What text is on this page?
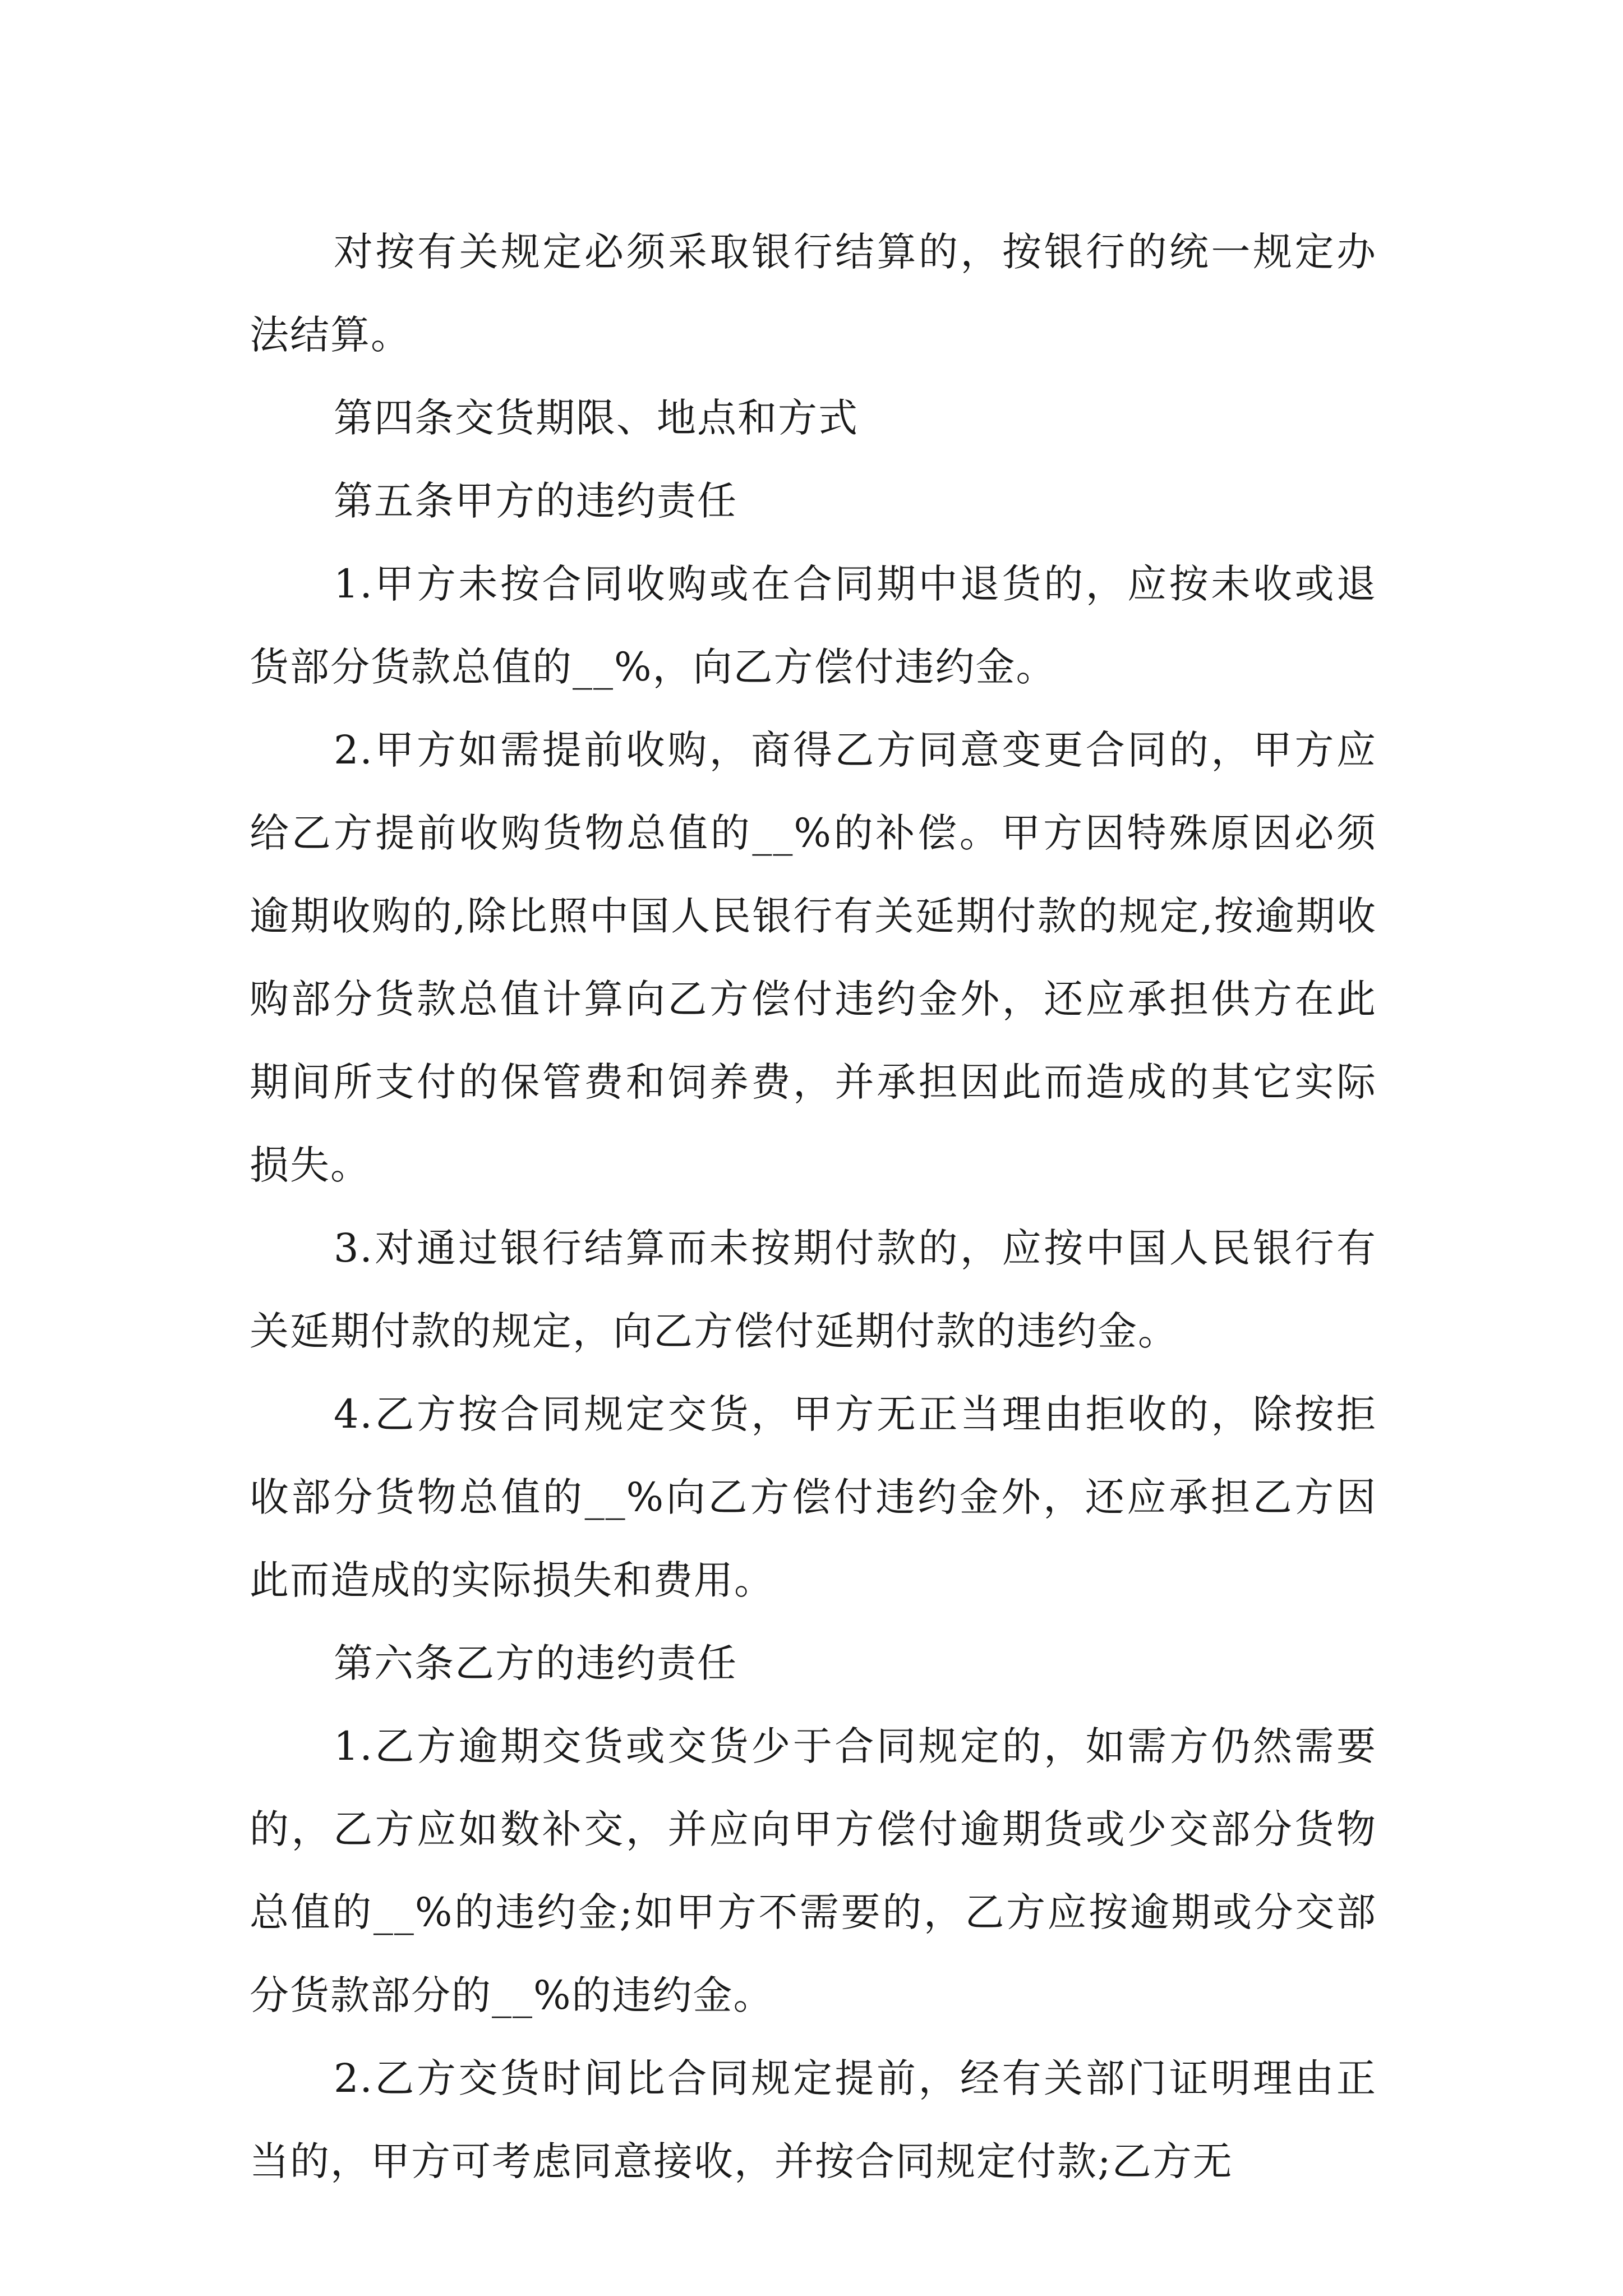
对按有关规定必须采取银行结算的，按银行的统一规定办法结算。

第四条交货期限、地点和方式

第五条甲方的违约责任

1.甲方未按合同收购或在合同期中退货的，应按未收或退货部分货款总值的__%，向乙方偿付违约金。

2.甲方如需提前收购，商得乙方同意变更合同的，甲方应给乙方提前收购货物总值的__%的补偿。甲方因特殊原因必须逾期收购的,除比照中国人民银行有关延期付款的规定,按逾期收购部分货款总值计算向乙方偿付违约金外，还应承担供方在此期间所支付的保管费和饲养费，并承担因此而造成的其它实际损失。

3.对通过银行结算而未按期付款的，应按中国人民银行有关延期付款的规定，向乙方偿付延期付款的违约金。

4.乙方按合同规定交货，甲方无正当理由拒收的，除按拒收部分货物总值的__%向乙方偿付违约金外，还应承担乙方因此而造成的实际损失和费用。

第六条乙方的违约责任

1.乙方逾期交货或交货少于合同规定的，如需方仍然需要的，乙方应如数补交，并应向甲方偿付逾期货或少交部分货物总值的__%的违约金;如甲方不需要的，乙方应按逾期或分交部分货款部分的__%的违约金。

2.乙方交货时间比合同规定提前，经有关部门证明理由正当的，甲方可考虑同意接收，并按合同规定付款;乙方无
